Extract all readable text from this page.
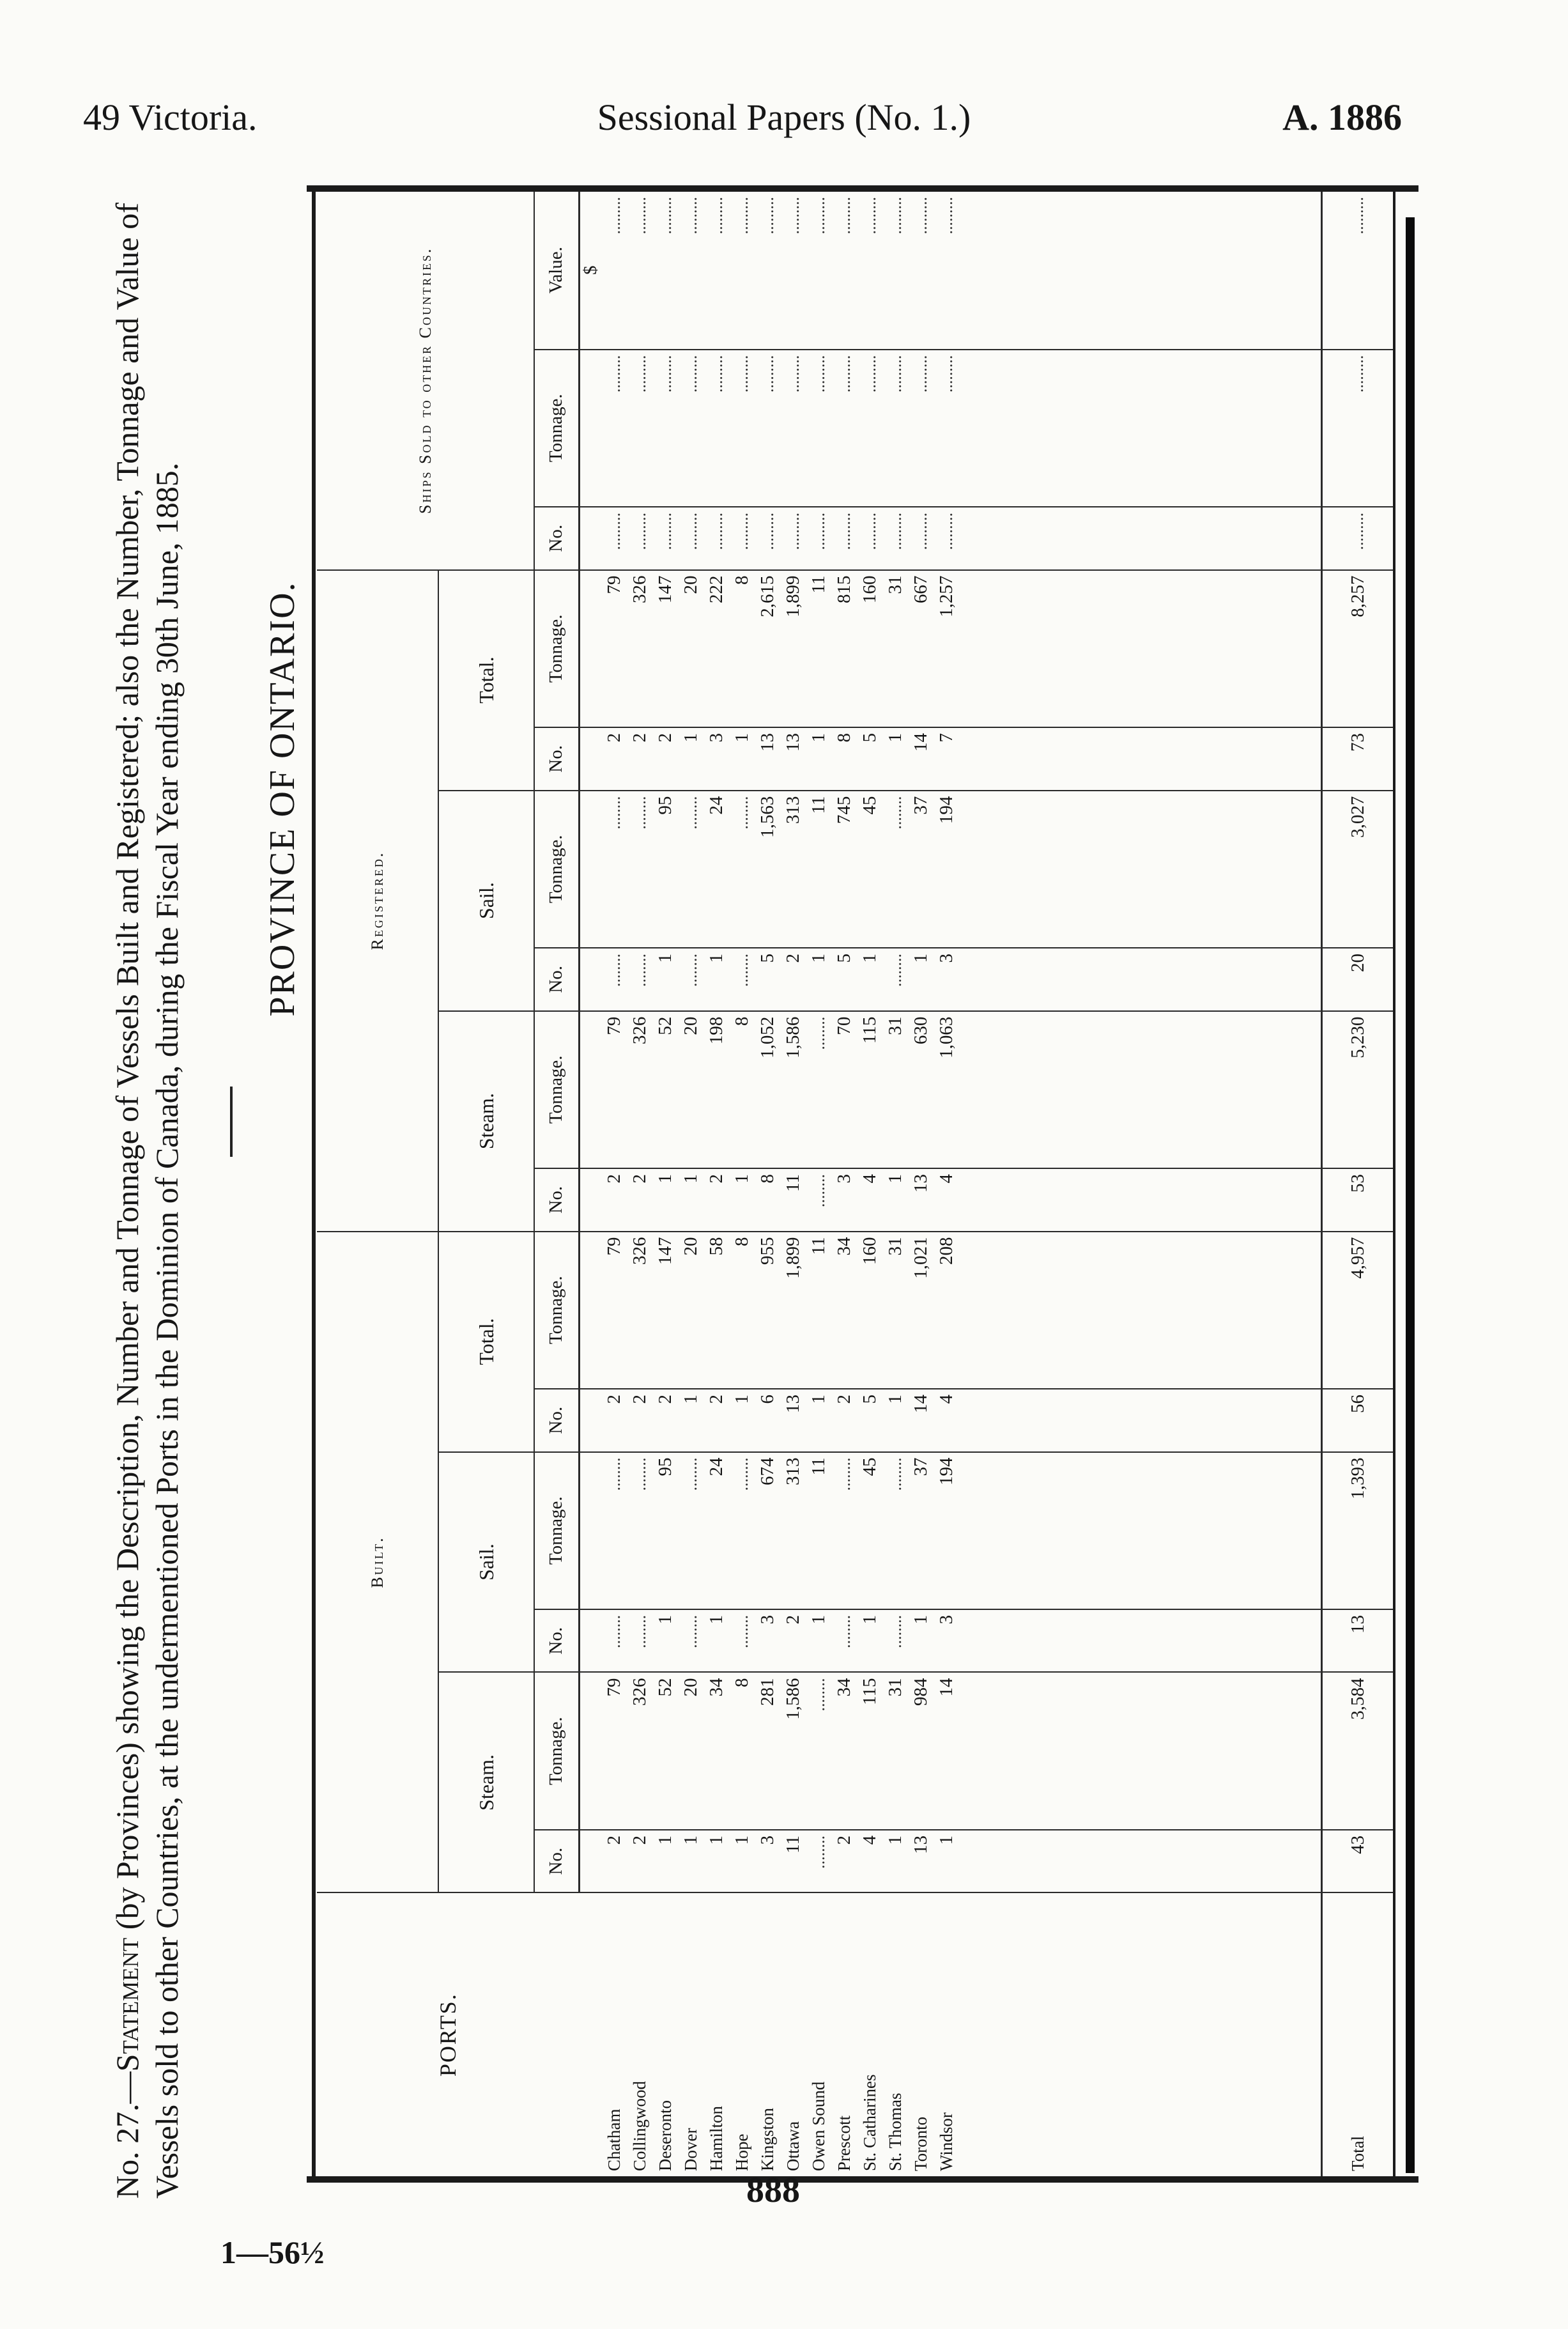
49 Victoria.	Sessional Papers (No. 1.)	A. 1886
No. 27.—Statement (by Provinces) showing the Description, Number and Tonnage of Vessels Built and Registered; also the Number, Tonnage and Value of Vessels sold to other Countries, at the undermentioned Ports in the Dominion of Canada, during the Fiscal Year ending 30th June, 1885. PROVINCE OF ONTARIO.
PORTS.	Built.						Registered.						Ships Sold to other Countries.		
	Steam.		Sail.		Total.		Steam.		Sail.		Total.				
	No.	Tonnage.	No.	Tonnage.	No.	Tonnage.	No.	Tonnage.	No.	Tonnage.	No.	Tonnage.	No.	Tonnage.	Value.
															$
Chatham	2	79	........	........	2	79	2	79	........	........	2	79	.........	.........	.........
Collingwood	2	326	........	........	2	326	2	326	........	........	2	326	.........	.........	.........
Deseronto	1	52	1	95	2	147	1	52	1	95	2	147	.........	.........	.........
Dover	1	20	........	........	1	20	1	20	........	........	1	20	.........	.........	.........
Hamilton	1	34	1	24	2	58	2	198	1	24	3	222	.........	.........	.........
Hope	1	8	........	........	1	8	1	8	........	........	1	8	.........	.........	.........
Kingston	3	281	3	674	6	955	8	1,052	5	1,563	13	2,615	.........	.........	.........
Ottawa	11	1,586	2	313	13	1,899	11	1,586	2	313	13	1,899	.........	.........	.........
Owen Sound	........	........	1	11	1	11	........	........	1	11	1	11	.........	.........	.........
Prescott	2	34	........	........	2	34	3	70	5	745	8	815	.........	.........	.........
St. Catharines	4	115	1	45	5	160	4	115	1	45	5	160	.........	.........	.........
St. Thomas	1	31	........	........	1	31	1	31	........	........	1	31	.........	.........	.........
Toronto	13	984	1	37	14	1,021	13	630	1	37	14	667	.........	.........	.........
Windsor	1	14	3	194	4	208	4	1,063	3	194	7	1,257	.........	.........	.........

Total	43	3,584	13	1,393	56	4,957	53	5,230	20	3,027	73	8,257	.........	.........	.........
1—56½
888
